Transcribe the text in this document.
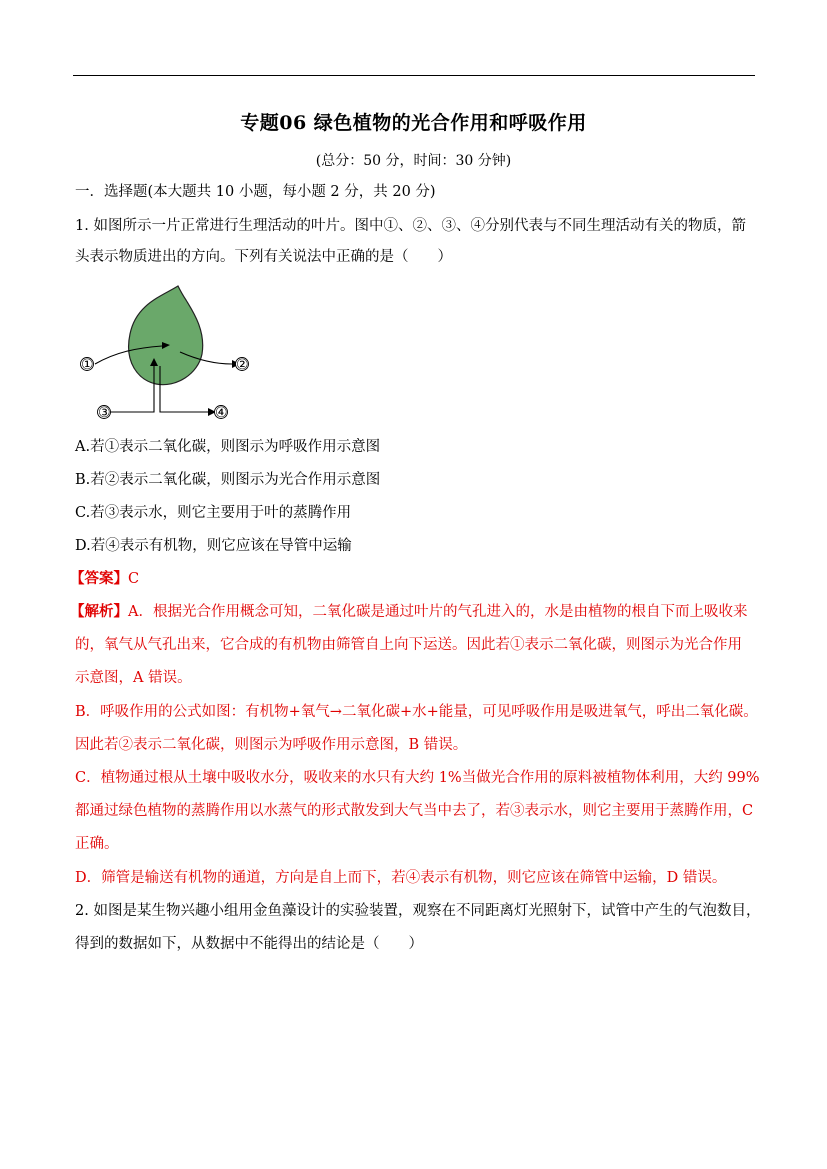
专题06 绿色植物的光合作用和呼吸作用
(总分：50 分，时间：30 分钟)
一．选择题(本大题共 10 小题，每小题 2 分，共 20 分)
1. 如图所示一片正常进行生理活动的叶片。图中①、②、③、④分别代表与不同生理活动有关的物质，箭
头表示物质进出的方向。下列有关说法中正确的是（　　）
①	②
③	④
A.若①表示二氧化碳，则图示为呼吸作用示意图
B.若②表示二氧化碳，则图示为光合作用示意图
C.若③表示水，则它主要用于叶的蒸腾作用
D.若④表示有机物，则它应该在导管中运输
【答案】C
【解析】A．根据光合作用概念可知，二氧化碳是通过叶片的气孔进入的，水是由植物的根自下而上吸收来
的，氧气从气孔出来，它合成的有机物由筛管自上向下运送。因此若①表示二氧化碳，则图示为光合作用
示意图，A 错误。
B．呼吸作用的公式如图：有机物+氧气→二氧化碳+水+能量，可见呼吸作用是吸进氧气，呼出二氧化碳。
因此若②表示二氧化碳，则图示为呼吸作用示意图，B 错误。
C．植物通过根从土壤中吸收水分，吸收来的水只有大约 1%当做光合作用的原料被植物体利用，大约 99%
都通过绿色植物的蒸腾作用以水蒸气的形式散发到大气当中去了，若③表示水，则它主要用于蒸腾作用，C
正确。
D．筛管是输送有机物的通道，方向是自上而下，若④表示有机物，则它应该在筛管中运输，D 错误。
2. 如图是某生物兴趣小组用金鱼藻设计的实验装置，观察在不同距离灯光照射下，试管中产生的气泡数目，
得到的数据如下，从数据中不能得出的结论是（　　）
